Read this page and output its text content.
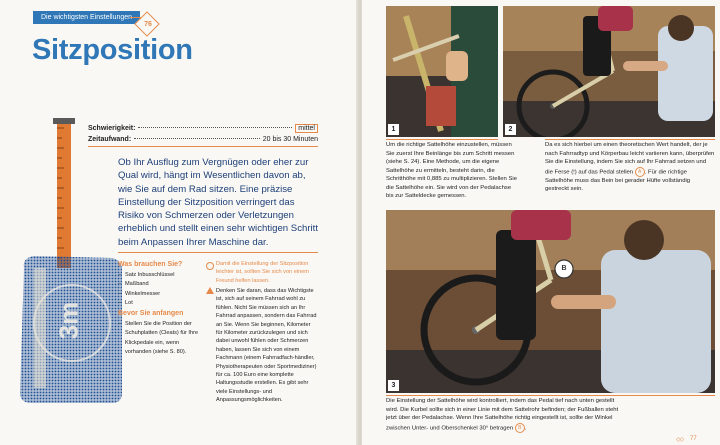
Die wichtigsten Einstellungen
76
Sitzposition
3m
Schwierigkeit:	mittel
Zeitaufwand:	20 bis 30 Minuten

Ob Ihr Ausflug zum Vergnügen oder eher zur Qual wird, hängt im Wesentlichen davon ab, wie Sie auf dem Rad sitzen. Eine präzise Einstellung der Sitzposition verringert das Risiko von Schmerzen oder Verletzungen erheblich und stellt einen sehr wichtigen Schritt beim Anpassen Ihrer Maschine dar.

Was brauchen Sie?
– Satz Inbusschlüssel
– Maßband
– Winkelmesser
– Lot
Bevor Sie anfangen
– Stellen Sie die Position der Schuhplatten (Cleats) für Ihre Klickpedale ein, wenn vorhanden (siehe S. 80).

Damit die Einstellung der Sitzposition leichter ist, sollten Sie sich von einem Freund helfen lassen.

Denken Sie daran, dass das Wichtigste ist, sich auf seinem Fahrrad wohl zu fühlen. Nicht Sie müssen sich an Ihr Fahrrad anpassen, sondern das Fahrrad an Sie. Wenn Sie beginnen, Kilometer für Kilometer zurückzulegen und sich dabei unwohl fühlen oder Schmerzen haben, lassen Sie sich von einem Fachmann (einem Fahrradfach-händler, Physiotherapeuten oder Sportmediziner) für ca. 100 Euro eine komplette Haltungsstudie erstellen. Es gibt sehr viele Einstellungs- und Anpassungsmöglichkeiten.

1	2

Um die richtige Sattelhöhe einzustellen, müssen Sie zuerst Ihre Beinlänge bis zum Schritt messen (siehe S. 24). Eine Methode, um die eigene Sattelhöhe zu ermitteln, besteht darin, die Schritthöhe mit 0,885 zu multiplizieren. Stellen Sie die Sattelhöhe ein. Sie wird von der Pedalachse bis zur Satteldecke gemessen.

Da es sich hierbei um einen theoretischen Wert handelt, der je nach Fahrradtyp und Körperbau leicht variieren kann, überprüfen Sie die Einstellung, indem Sie sich auf Ihr Fahrrad setzen und die Ferse (!) auf das Pedal stellen A . Für die richtige Sattelhöhe muss das Bein bei gerader Hüfte vollständig gestreckt sein.

B
3

Die Einstellung der Sattelhöhe wird kontrolliert, indem das Pedal tief nach unten gestellt wird. Die Kurbel sollte sich in einer Linie mit dem Sattelrohr befinden; der Fußballen steht jetzt über der Pedalachse. Wenn Ihre Sattelhöhe richtig eingestellt ist, sollte der Winkel zwischen Unter- und Oberschenkel 30° betragen B .

◇◇ 77
